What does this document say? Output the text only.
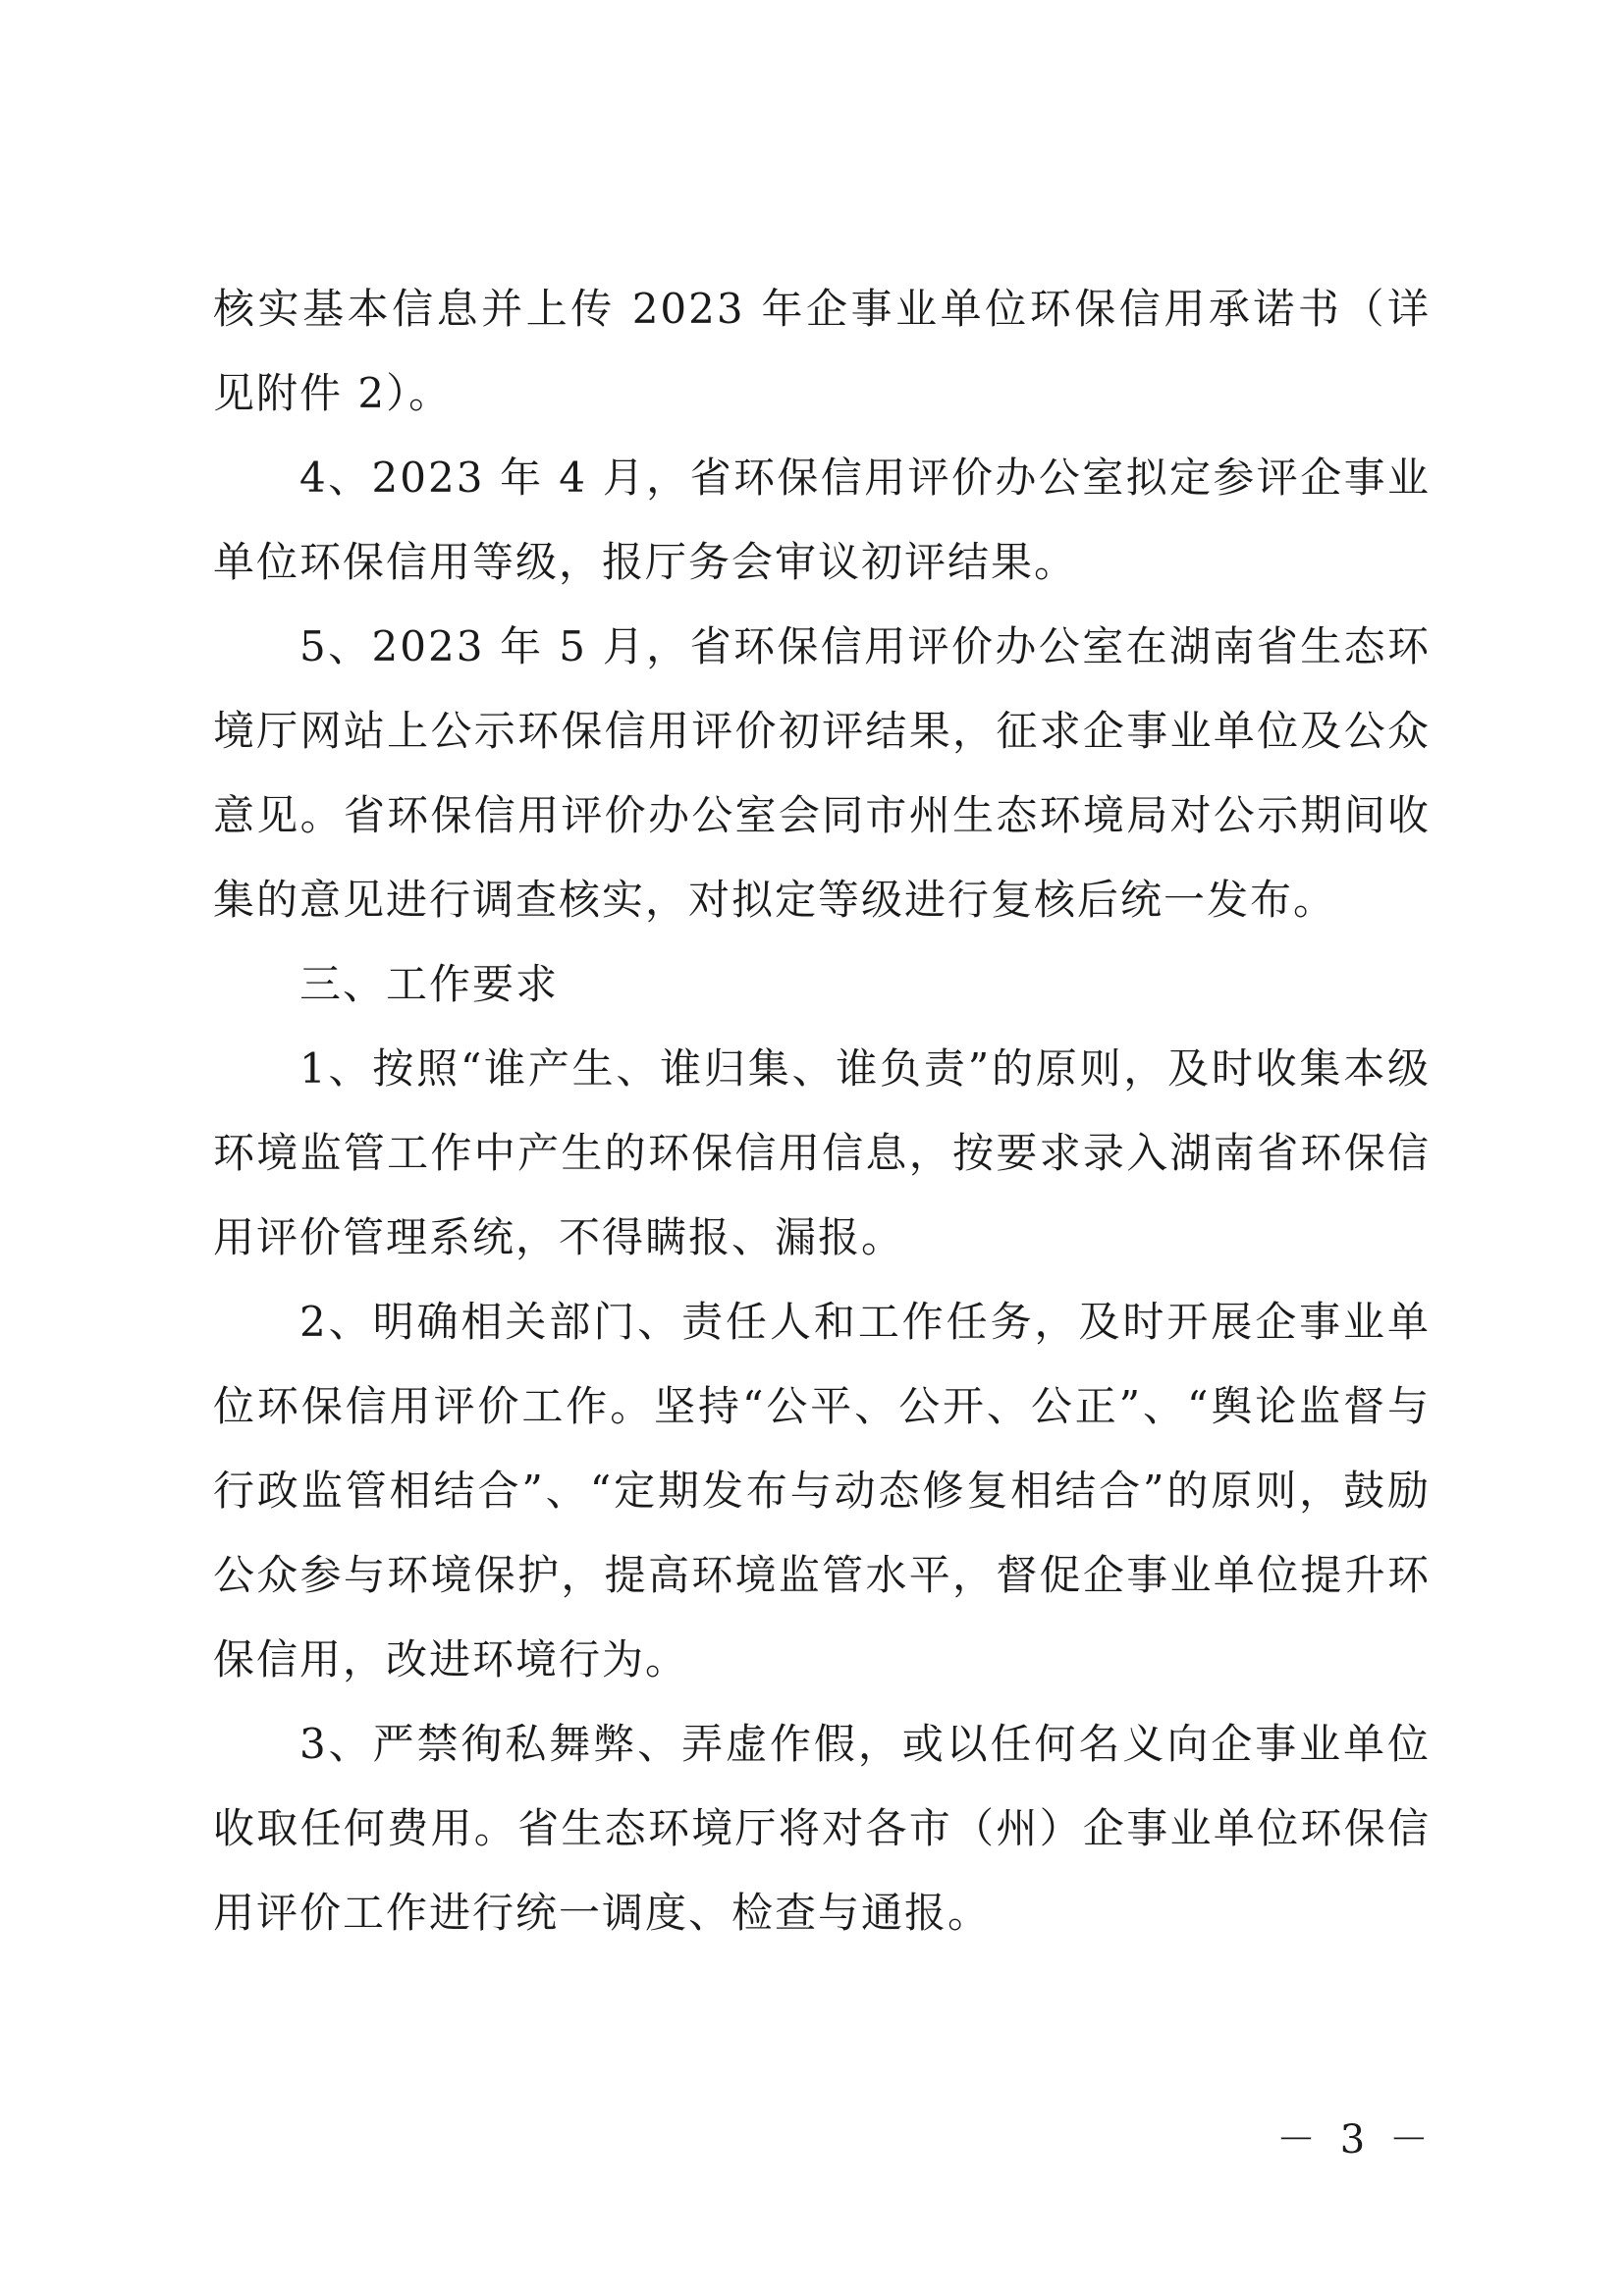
核实基本信息并上传 2023 年企事业单位环保信用承诺书（详见附件 2）。

4、2023 年 4 月，省环保信用评价办公室拟定参评企事业单位环保信用等级，报厅务会审议初评结果。

5、2023 年 5 月，省环保信用评价办公室在湖南省生态环境厅网站上公示环保信用评价初评结果，征求企事业单位及公众意见。省环保信用评价办公室会同市州生态环境局对公示期间收集的意见进行调查核实，对拟定等级进行复核后统一发布。

三、工作要求

1、按照“谁产生、谁归集、谁负责”的原则，及时收集本级环境监管工作中产生的环保信用信息，按要求录入湖南省环保信用评价管理系统，不得瞒报、漏报。

2、明确相关部门、责任人和工作任务，及时开展企事业单位环保信用评价工作。坚持“公平、公开、公正”、“舆论监督与行政监管相结合”、“定期发布与动态修复相结合”的原则，鼓励公众参与环境保护，提高环境监管水平，督促企事业单位提升环保信用，改进环境行为。

3、严禁徇私舞弊、弄虚作假，或以任何名义向企事业单位收取任何费用。省生态环境厅将对各市（州）企事业单位环保信用评价工作进行统一调度、检查与通报。

－ 3 －
